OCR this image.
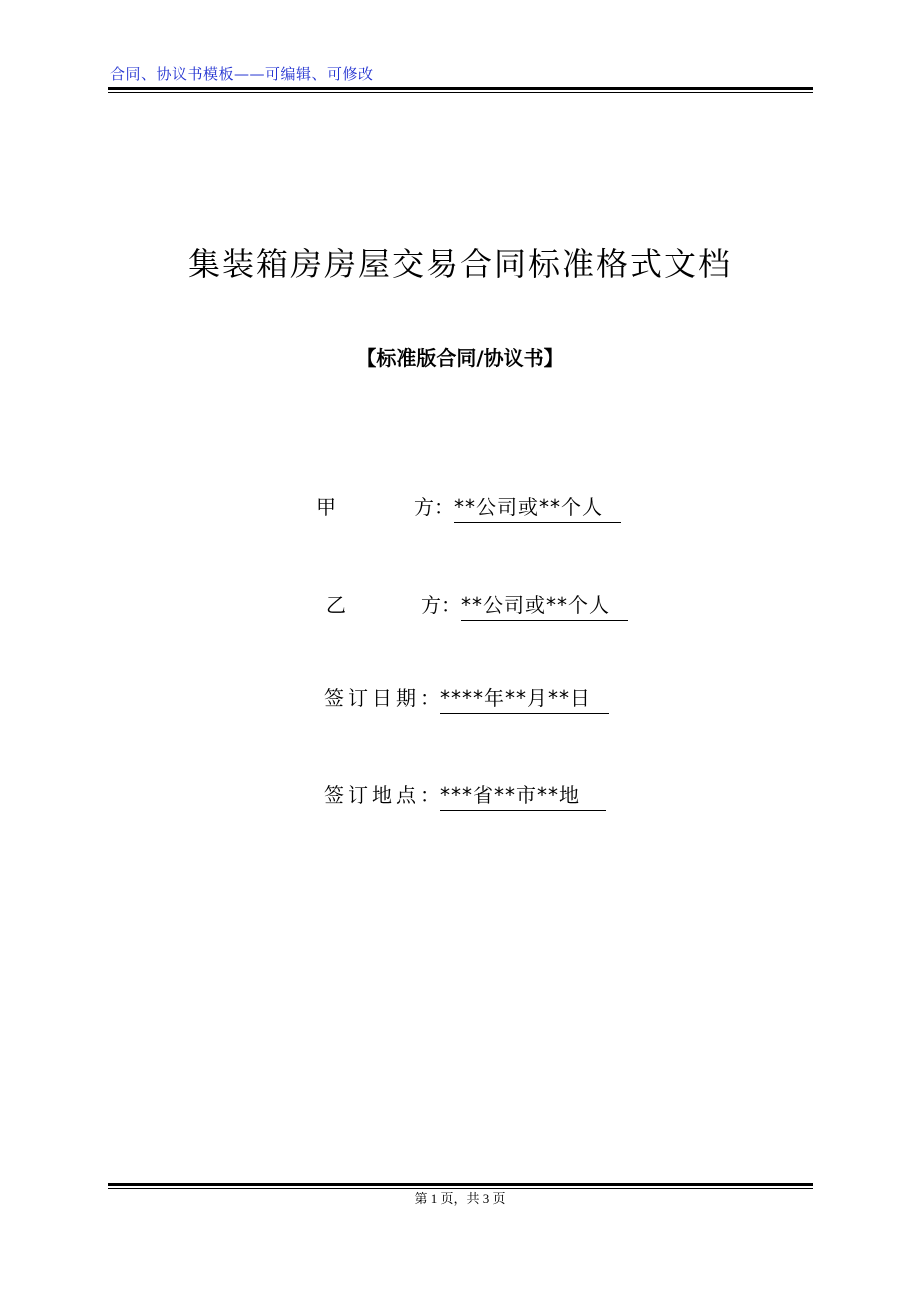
合同、协议书模板——可编辑、可修改
集装箱房房屋交易合同标准格式文档
【标准版合同/协议书】
甲	方 ： **公司或**个人
乙	方 ： **公司或**个人
签订日期 ： ****年**月**日
签订地点 ： ***省**市**地
第 1 页，共 3 页
